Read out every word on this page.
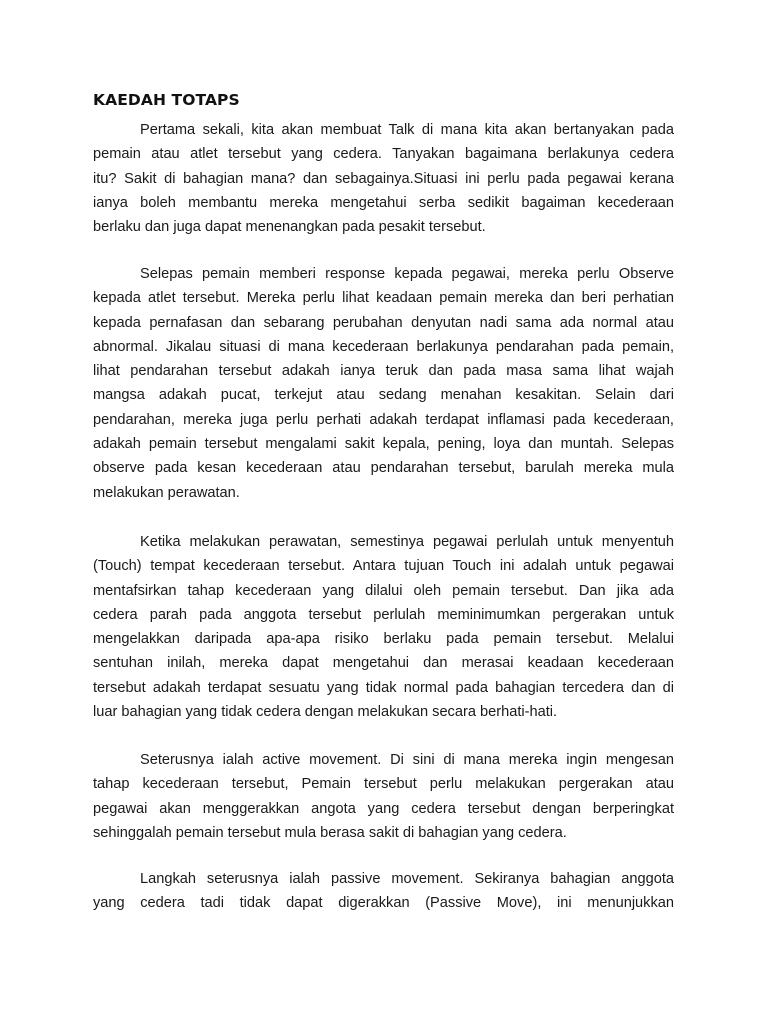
KAEDAH TOTAPS

Pertama sekali, kita akan membuat Talk di mana kita akan bertanyakan pada
pemain atau atlet tersebut yang cedera. Tanyakan bagaimana berlakunya cedera
itu? Sakit di bahagian mana? dan sebagainya.Situasi ini perlu pada pegawai kerana
ianya boleh membantu mereka mengetahui serba sedikit bagaiman kecederaan
berlaku dan juga dapat menenangkan pada pesakit tersebut.

Selepas pemain memberi response kepada pegawai, mereka perlu Observe
kepada atlet tersebut. Mereka perlu lihat keadaan pemain mereka dan beri perhatian
kepada pernafasan dan sebarang perubahan denyutan nadi sama ada normal atau
abnormal. Jikalau situasi di mana kecederaan berlakunya pendarahan pada pemain,
lihat pendarahan tersebut adakah ianya teruk dan pada masa sama lihat wajah
mangsa adakah pucat, terkejut atau sedang menahan kesakitan. Selain dari
pendarahan, mereka juga perlu perhati adakah terdapat inflamasi pada kecederaan,
adakah pemain tersebut mengalami sakit kepala, pening, loya dan muntah. Selepas
observe pada kesan kecederaan atau pendarahan tersebut, barulah mereka mula
melakukan perawatan.

Ketika melakukan perawatan, semestinya pegawai perlulah untuk menyentuh
(Touch) tempat kecederaan tersebut. Antara tujuan Touch ini adalah untuk pegawai
mentafsirkan tahap kecederaan yang dilalui oleh pemain tersebut. Dan jika ada
cedera parah pada anggota tersebut perlulah meminimumkan pergerakan untuk
mengelakkan daripada apa-apa risiko berlaku pada pemain tersebut. Melalui
sentuhan inilah, mereka dapat mengetahui dan merasai keadaan kecederaan
tersebut adakah terdapat sesuatu yang tidak normal pada bahagian tercedera dan di
luar bahagian yang tidak cedera dengan melakukan secara berhati-hati.

Seterusnya ialah active movement. Di sini di mana mereka ingin mengesan
tahap kecederaan tersebut, Pemain tersebut perlu melakukan pergerakan atau
pegawai akan menggerakkan angota yang cedera tersebut dengan berperingkat
sehinggalah pemain tersebut mula berasa sakit di bahagian yang cedera.

Langkah seterusnya ialah passive movement. Sekiranya bahagian anggota
yang cedera tadi tidak dapat digerakkan (Passive Move), ini menunjukkan
